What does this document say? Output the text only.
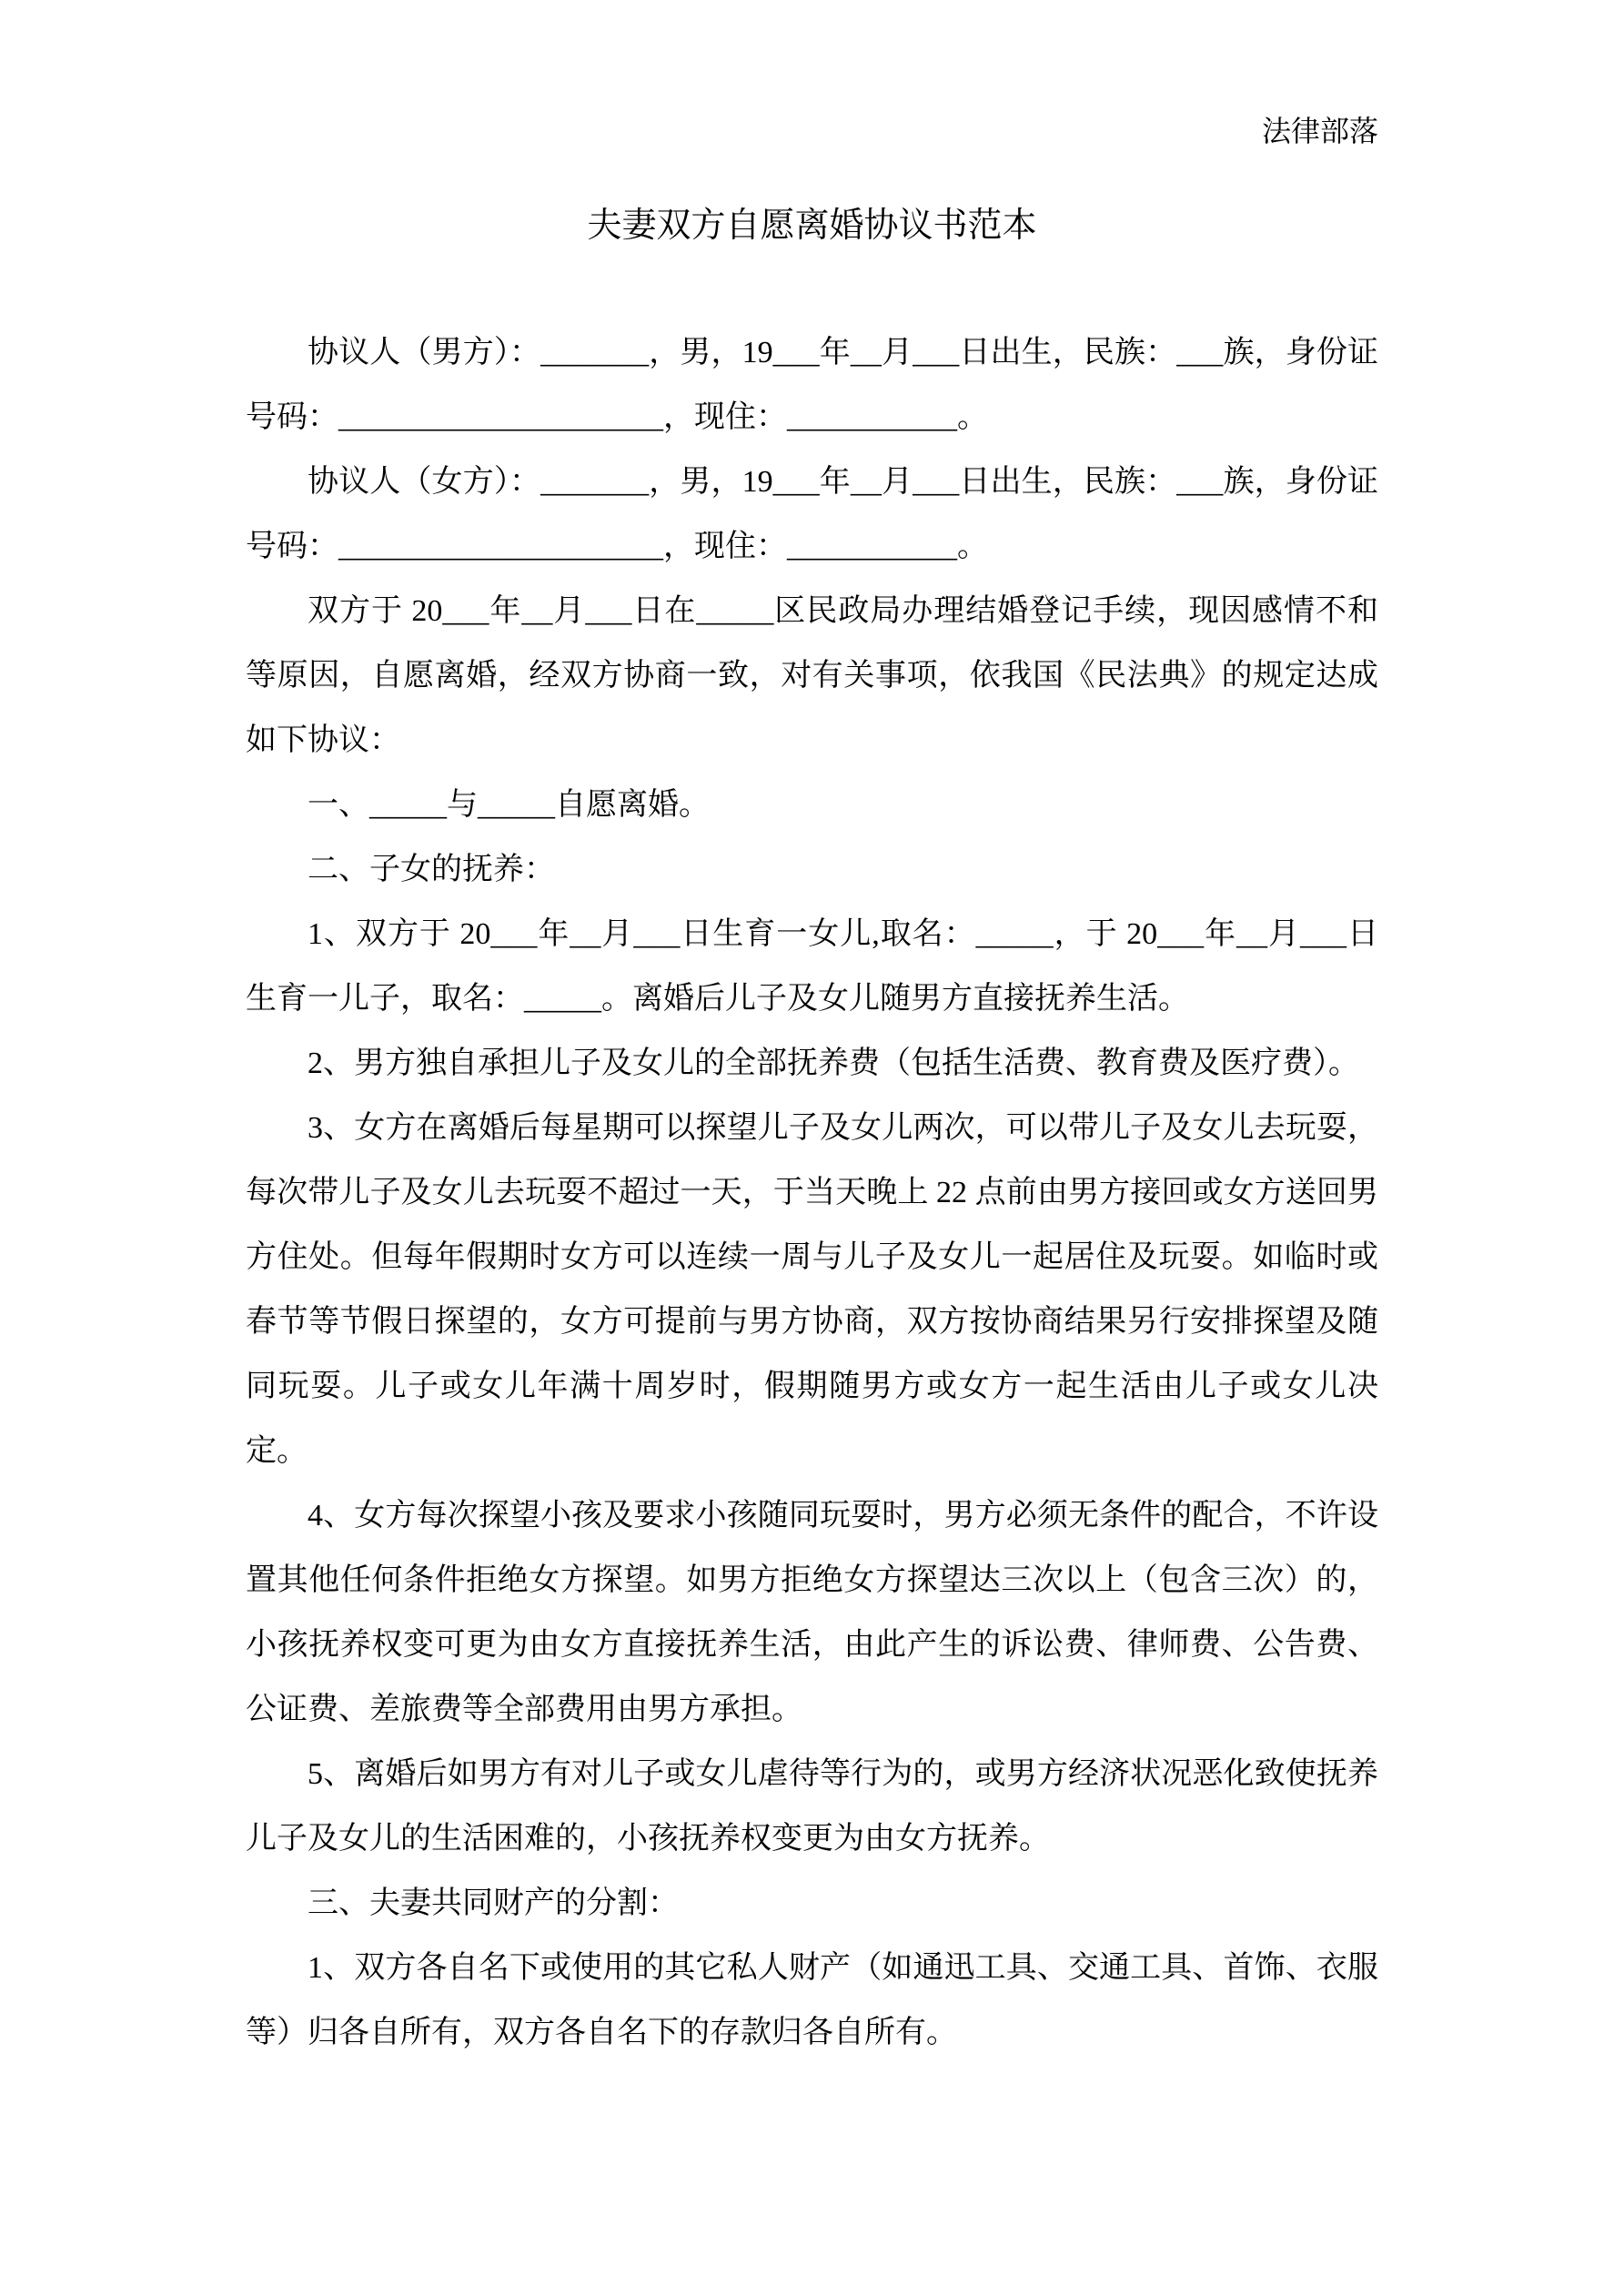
法律部落
夫妻双方自愿离婚协议书范本

协议人（男方）：_______，男，19___年__月___日出生，民族：___族，身份证号码：_____________________，现住：___________。

协议人（女方）：_______，男，19___年__月___日出生，民族：___族，身份证号码：_____________________，现住：___________。

双方于 20___年__月___日在_____区民政局办理结婚登记手续，现因感情不和等原因，自愿离婚，经双方协商一致，对有关事项，依我国《民法典》的规定达成如下协议：

一、_____与_____自愿离婚。

二、子女的抚养：

1、双方于 20___年__月___日生育一女儿,取名：_____，于 20___年__月___日生育一儿子，取名：_____。离婚后儿子及女儿随男方直接抚养生活。

2、男方独自承担儿子及女儿的全部抚养费（包括生活费、教育费及医疗费）。

3、女方在离婚后每星期可以探望儿子及女儿两次，可以带儿子及女儿去玩耍，每次带儿子及女儿去玩耍不超过一天，于当天晚上 22 点前由男方接回或女方送回男方住处。但每年假期时女方可以连续一周与儿子及女儿一起居住及玩耍。如临时或春节等节假日探望的，女方可提前与男方协商，双方按协商结果另行安排探望及随同玩耍。儿子或女儿年满十周岁时，假期随男方或女方一起生活由儿子或女儿决定。

4、女方每次探望小孩及要求小孩随同玩耍时，男方必须无条件的配合，不许设置其他任何条件拒绝女方探望。如男方拒绝女方探望达三次以上（包含三次）的，小孩抚养权变可更为由女方直接抚养生活，由此产生的诉讼费、律师费、公告费、公证费、差旅费等全部费用由男方承担。

5、离婚后如男方有对儿子或女儿虐待等行为的，或男方经济状况恶化致使抚养儿子及女儿的生活困难的，小孩抚养权变更为由女方抚养。

三、夫妻共同财产的分割：

1、双方各自名下或使用的其它私人财产（如通迅工具、交通工具、首饰、衣服等）归各自所有，双方各自名下的存款归各自所有。
